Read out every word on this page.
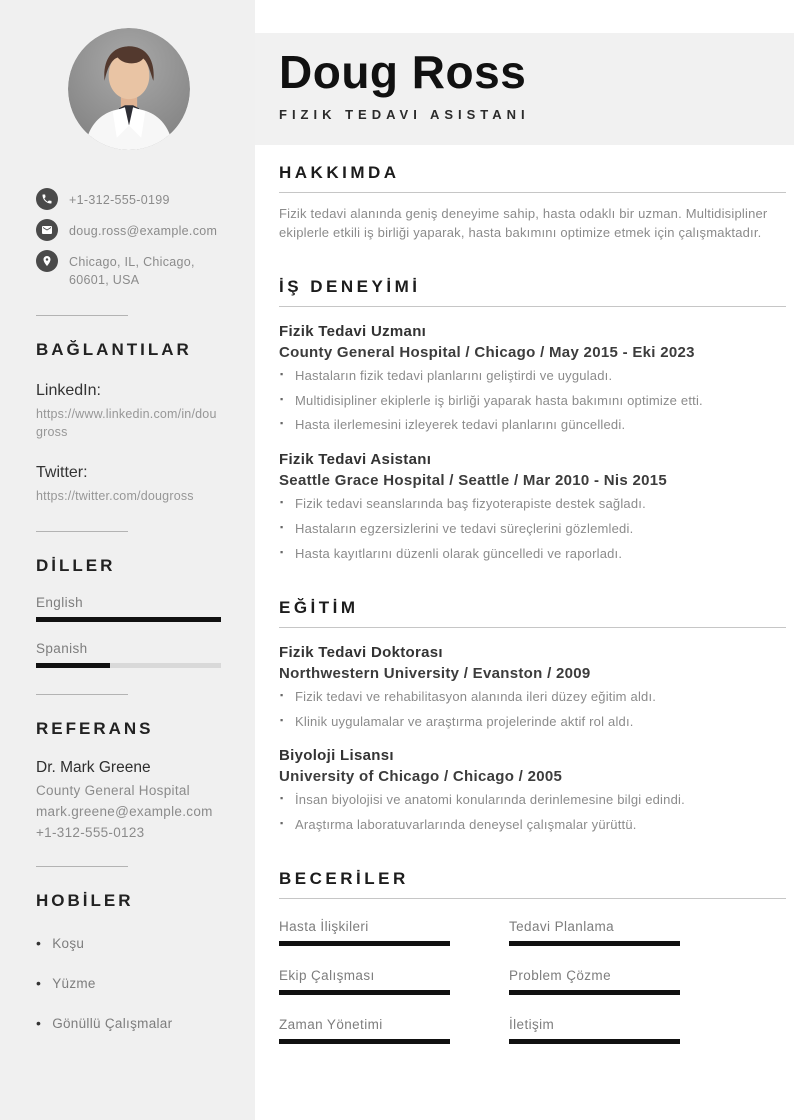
+1-312-555-0199
doug.ross@example.com
Chicago, IL, Chicago,
60601, USA
BAĞLANTILAR
LinkedIn:
https://www.linkedin.com/in/dougross
Twitter:
https://twitter.com/dougross
DİLLER
English
Spanish
REFERANS
Dr. Mark Greene
County General Hospital
mark.greene@example.com
+1-312-555-0123
HOBİLER
• Koşu
• Yüzme
• Gönüllü Çalışmalar
Doug Ross
FIZIK TEDAVI ASISTANI
HAKKIMDA

Fizik tedavi alanında geniş deneyime sahip, hasta odaklı bir uzman. Multidisipliner ekiplerle etkili iş birliği yaparak, hasta bakımını optimize etmek için çalışmaktadır.

İŞ DENEYİMİ
Fizik Tedavi Uzmanı
County General Hospital / Chicago / May 2015 - Eki 2023
▪ Hastaların fizik tedavi planlarını geliştirdi ve uyguladı.
▪ Multidisipliner ekiplerle iş birliği yaparak hasta bakımını optimize etti.
▪ Hasta ilerlemesini izleyerek tedavi planlarını güncelledi.
Fizik Tedavi Asistanı
Seattle Grace Hospital / Seattle / Mar 2010 - Nis 2015
▪ Fizik tedavi seanslarında baş fizyoterapiste destek sağladı.
▪ Hastaların egzersizlerini ve tedavi süreçlerini gözlemledi.
▪ Hasta kayıtlarını düzenli olarak güncelledi ve raporladı.
EĞİTİM
Fizik Tedavi Doktorası
Northwestern University / Evanston / 2009
▪ Fizik tedavi ve rehabilitasyon alanında ileri düzey eğitim aldı.
▪ Klinik uygulamalar ve araştırma projelerinde aktif rol aldı.
Biyoloji Lisansı
University of Chicago / Chicago / 2005
▪ İnsan biyolojisi ve anatomi konularında derinlemesine bilgi edindi.
▪ Araştırma laboratuvarlarında deneysel çalışmalar yürüttü.
BECERİLER
Hasta İlişkileri	Tedavi Planlama
Ekip Çalışması	Problem Çözme
Zaman Yönetimi	İletişim
